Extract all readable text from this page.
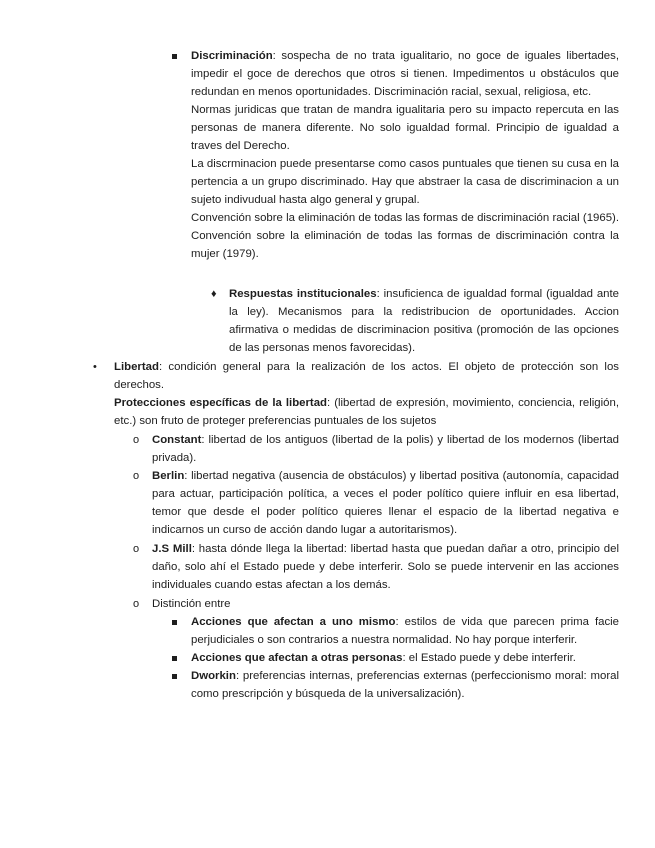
Discriminación: sospecha de no trata igualitario, no goce de iguales libertades, impedir el goce de derechos que otros si tienen. Impedimentos u obstáculos que redundan en menos oportunidades. Discriminación racial, sexual, religiosa, etc.

Normas juridicas que tratan de mandra igualitaria pero su impacto repercuta en las personas de manera diferente. No solo igualdad formal. Principio de igualdad a traves del Derecho.

La discrminacion puede presentarse como casos puntuales que tienen su cusa en la pertencia a un grupo discriminado. Hay que abstraer la casa de discriminacion a un sujeto indivudual hasta algo general y grupal.

Convención sobre la eliminación de todas las formas de discriminación racial (1965). Convención sobre la eliminación de todas las formas de discriminación contra la mujer (1979).

♦ Respuestas institucionales: insuficienca de igualdad formal (igualdad ante la ley). Mecanismos para la redistribucion de oportunidades. Accion afirmativa o medidas de discriminacion positiva (promoción de las opciones de las personas menos favorecidas).

• Libertad: condición general para la realización de los actos. El objeto de protección son los derechos.

Protecciones específicas de la libertad: (libertad de expresión, movimiento, conciencia, religión, etc.) son fruto de proteger preferencias puntuales de los sujetos

o Constant: libertad de los antiguos (libertad de la polis) y libertad de los modernos (libertad privada).

o Berlin: libertad negativa (ausencia de obstáculos) y libertad positiva (autonomía, capacidad para actuar, participación política, a veces el poder político quiere influir en esa libertad, temor que desde el poder político quieres llenar el espacio de la libertad negativa e indicarnos un curso de acción dando lugar a autoritarismos).

o J.S Mill: hasta dónde llega la libertad: libertad hasta que puedan dañar a otro, principio del daño, solo ahí el Estado puede y debe interferir. Solo se puede intervenir en las acciones individuales cuando estas afectan a los demás.

o Distinción entre

Acciones que afectan a uno mismo: estilos de vida que parecen prima facie perjudiciales o son contrarios a nuestra normalidad. No hay porque interferir.

Acciones que afectan a otras personas: el Estado puede y debe interferir.

Dworkin: preferencias internas, preferencias externas (perfeccionismo moral: moral como prescripción y búsqueda de la universalización).
